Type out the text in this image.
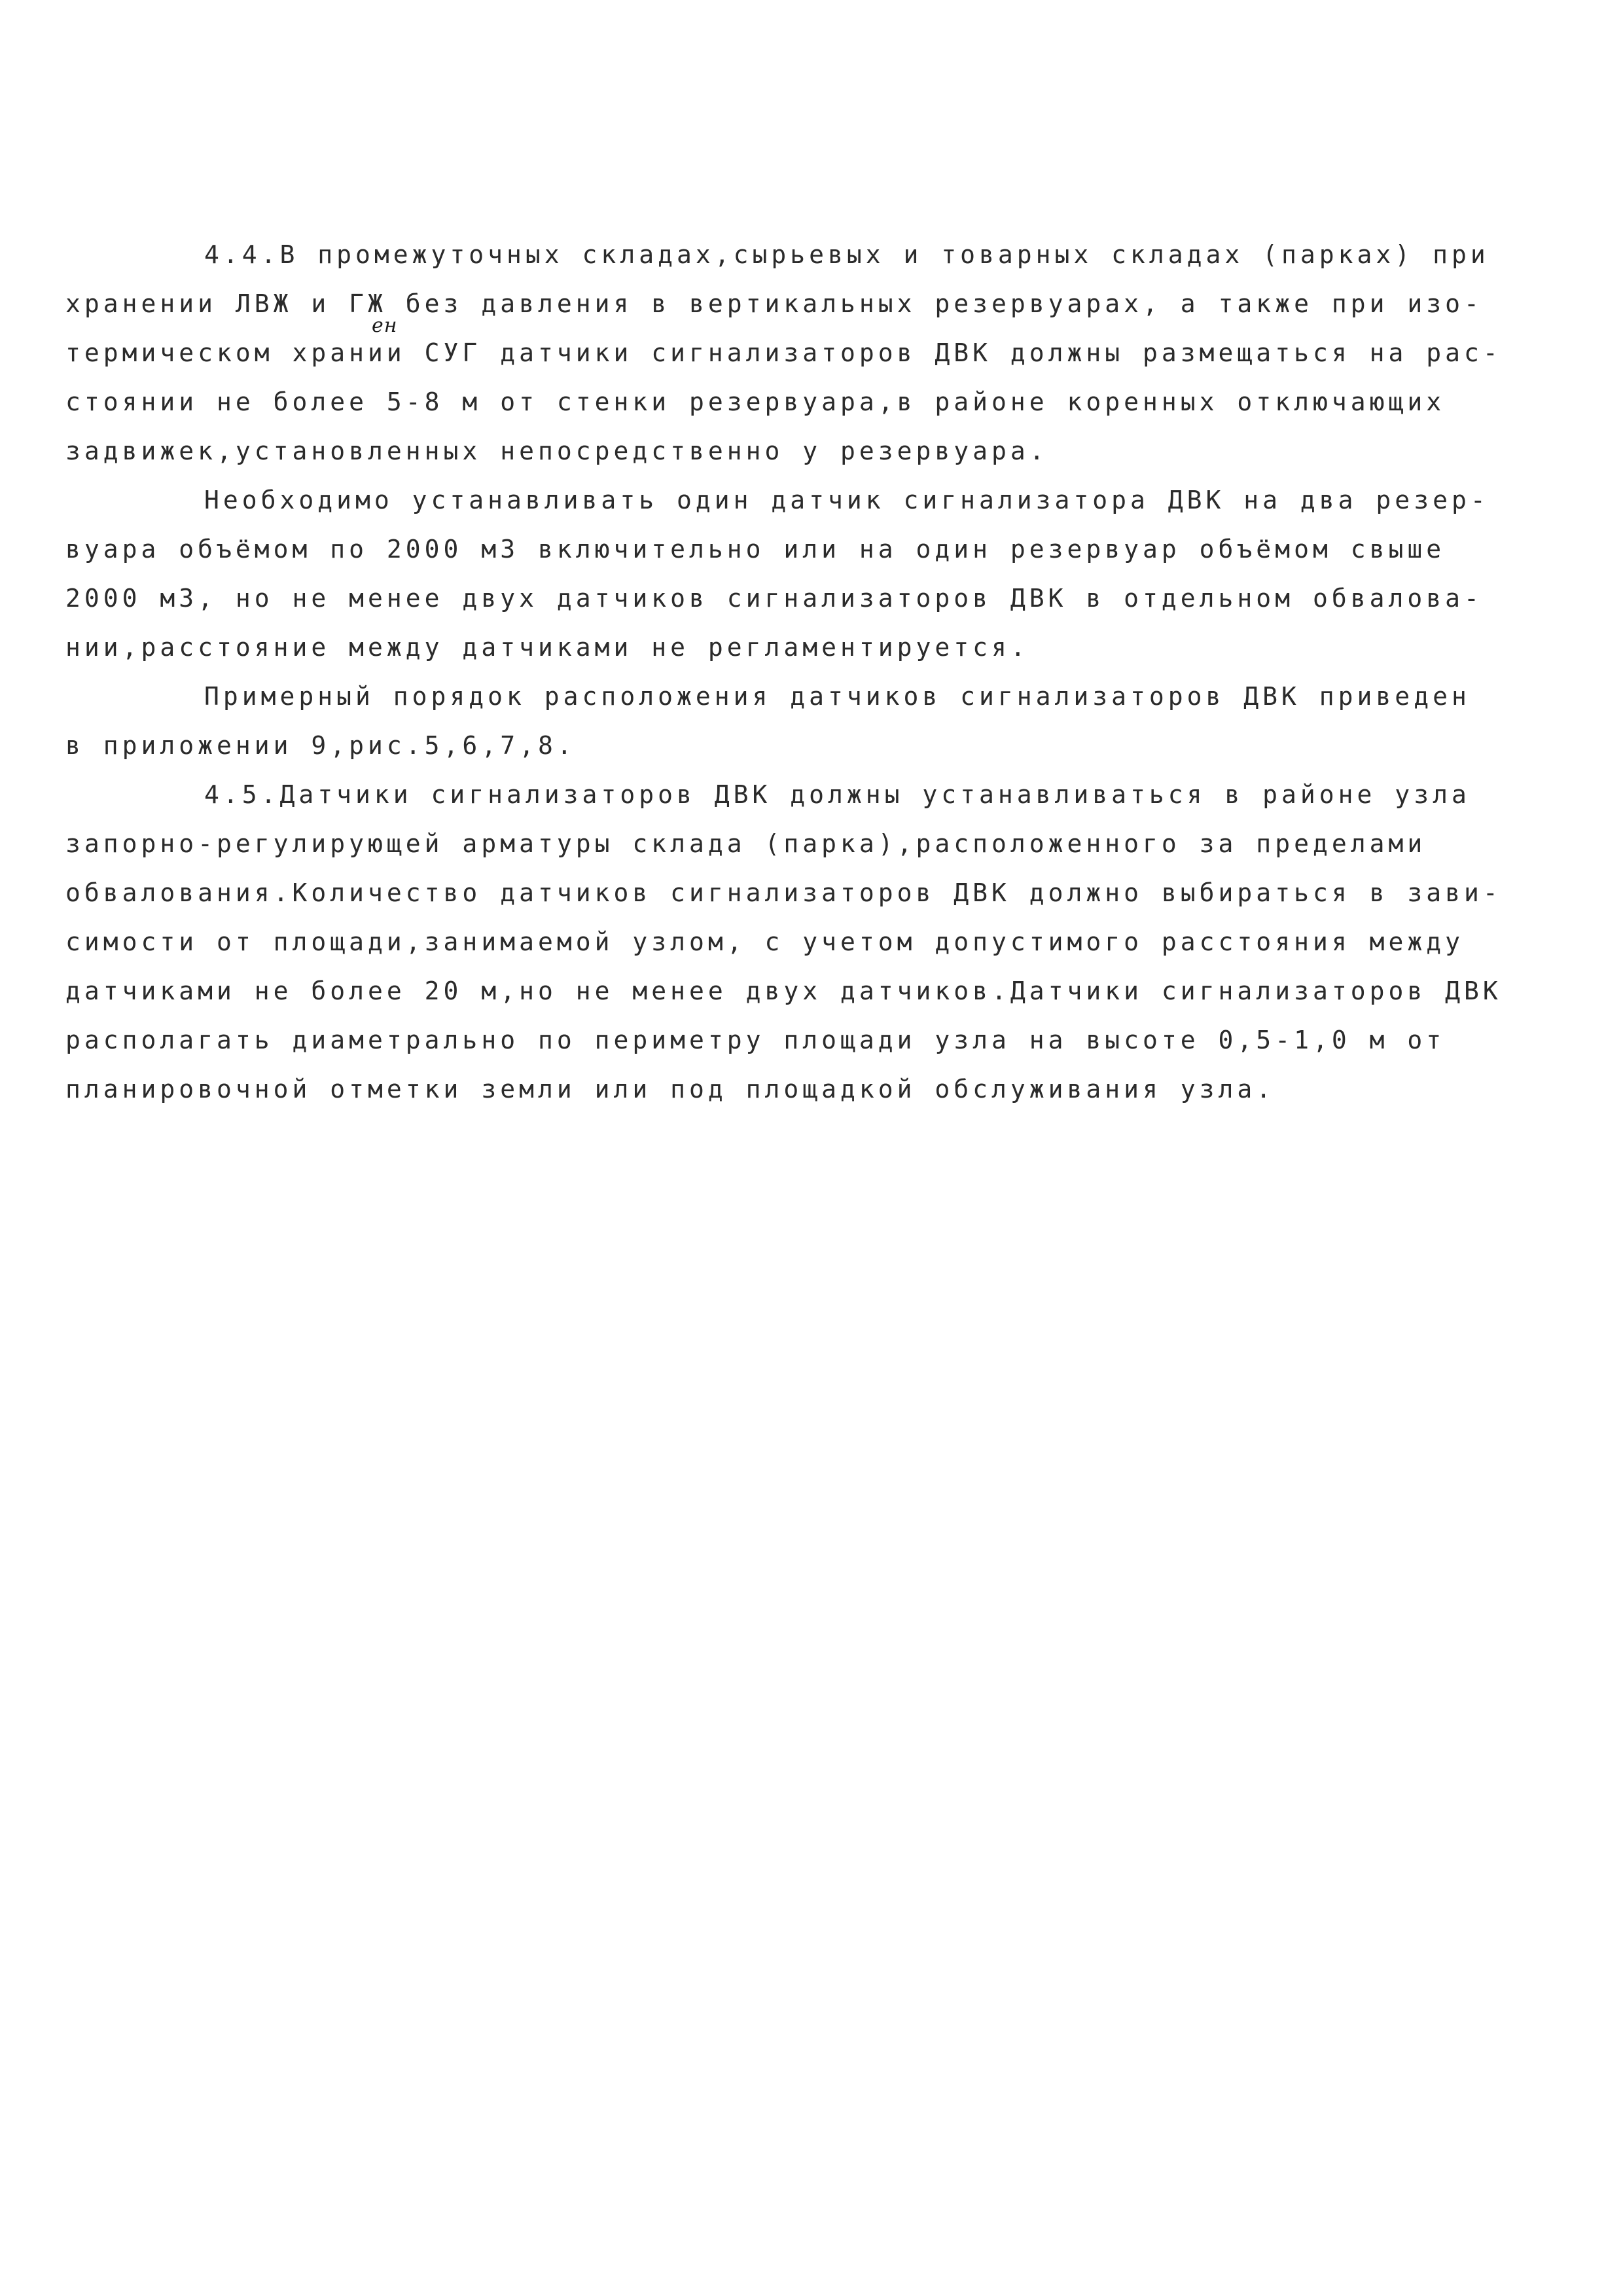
4.4.В промежуточных складах,сырьевых и товарных складах (парках) при
хранении ЛВЖ и ГЖ без давления в вертикальных резервуарах, а также при изо-
термическом хрании СУГ датчики сигнализаторов ДВК должны размещаться на рас-
стоянии не более 5-8 м от стенки резервуара,в районе коренных отключающих
задвижек,установленных непосредственно у резервуара.
Необходимо устанавливать один датчик сигнализатора ДВК на два резер-
вуара объёмом по 2000 м3 включительно или на один резервуар объёмом свыше
2000 м3, но не менее двух датчиков сигнализаторов ДВК в отдельном обвалова-
нии,расстояние между датчиками не регламентируется.
Примерный порядок расположения датчиков сигнализаторов ДВК приведен
в приложении 9,рис.5,6,7,8.
4.5.Датчики сигнализаторов ДВК должны устанавливаться в районе узла
запорно-регулирующей арматуры склада (парка),расположенного за пределами
обвалования.Количество датчиков сигнализаторов ДВК должно выбираться в зави-
симости от площади,занимаемой узлом, с учетом допустимого расстояния между
датчиками не более 20 м,но не менее двух датчиков.Датчики сигнализаторов ДВК
располагать диаметрально по периметру площади узла на высоте 0,5-1,0 м от
планировочной отметки земли или под площадкой обслуживания узла.
ен
